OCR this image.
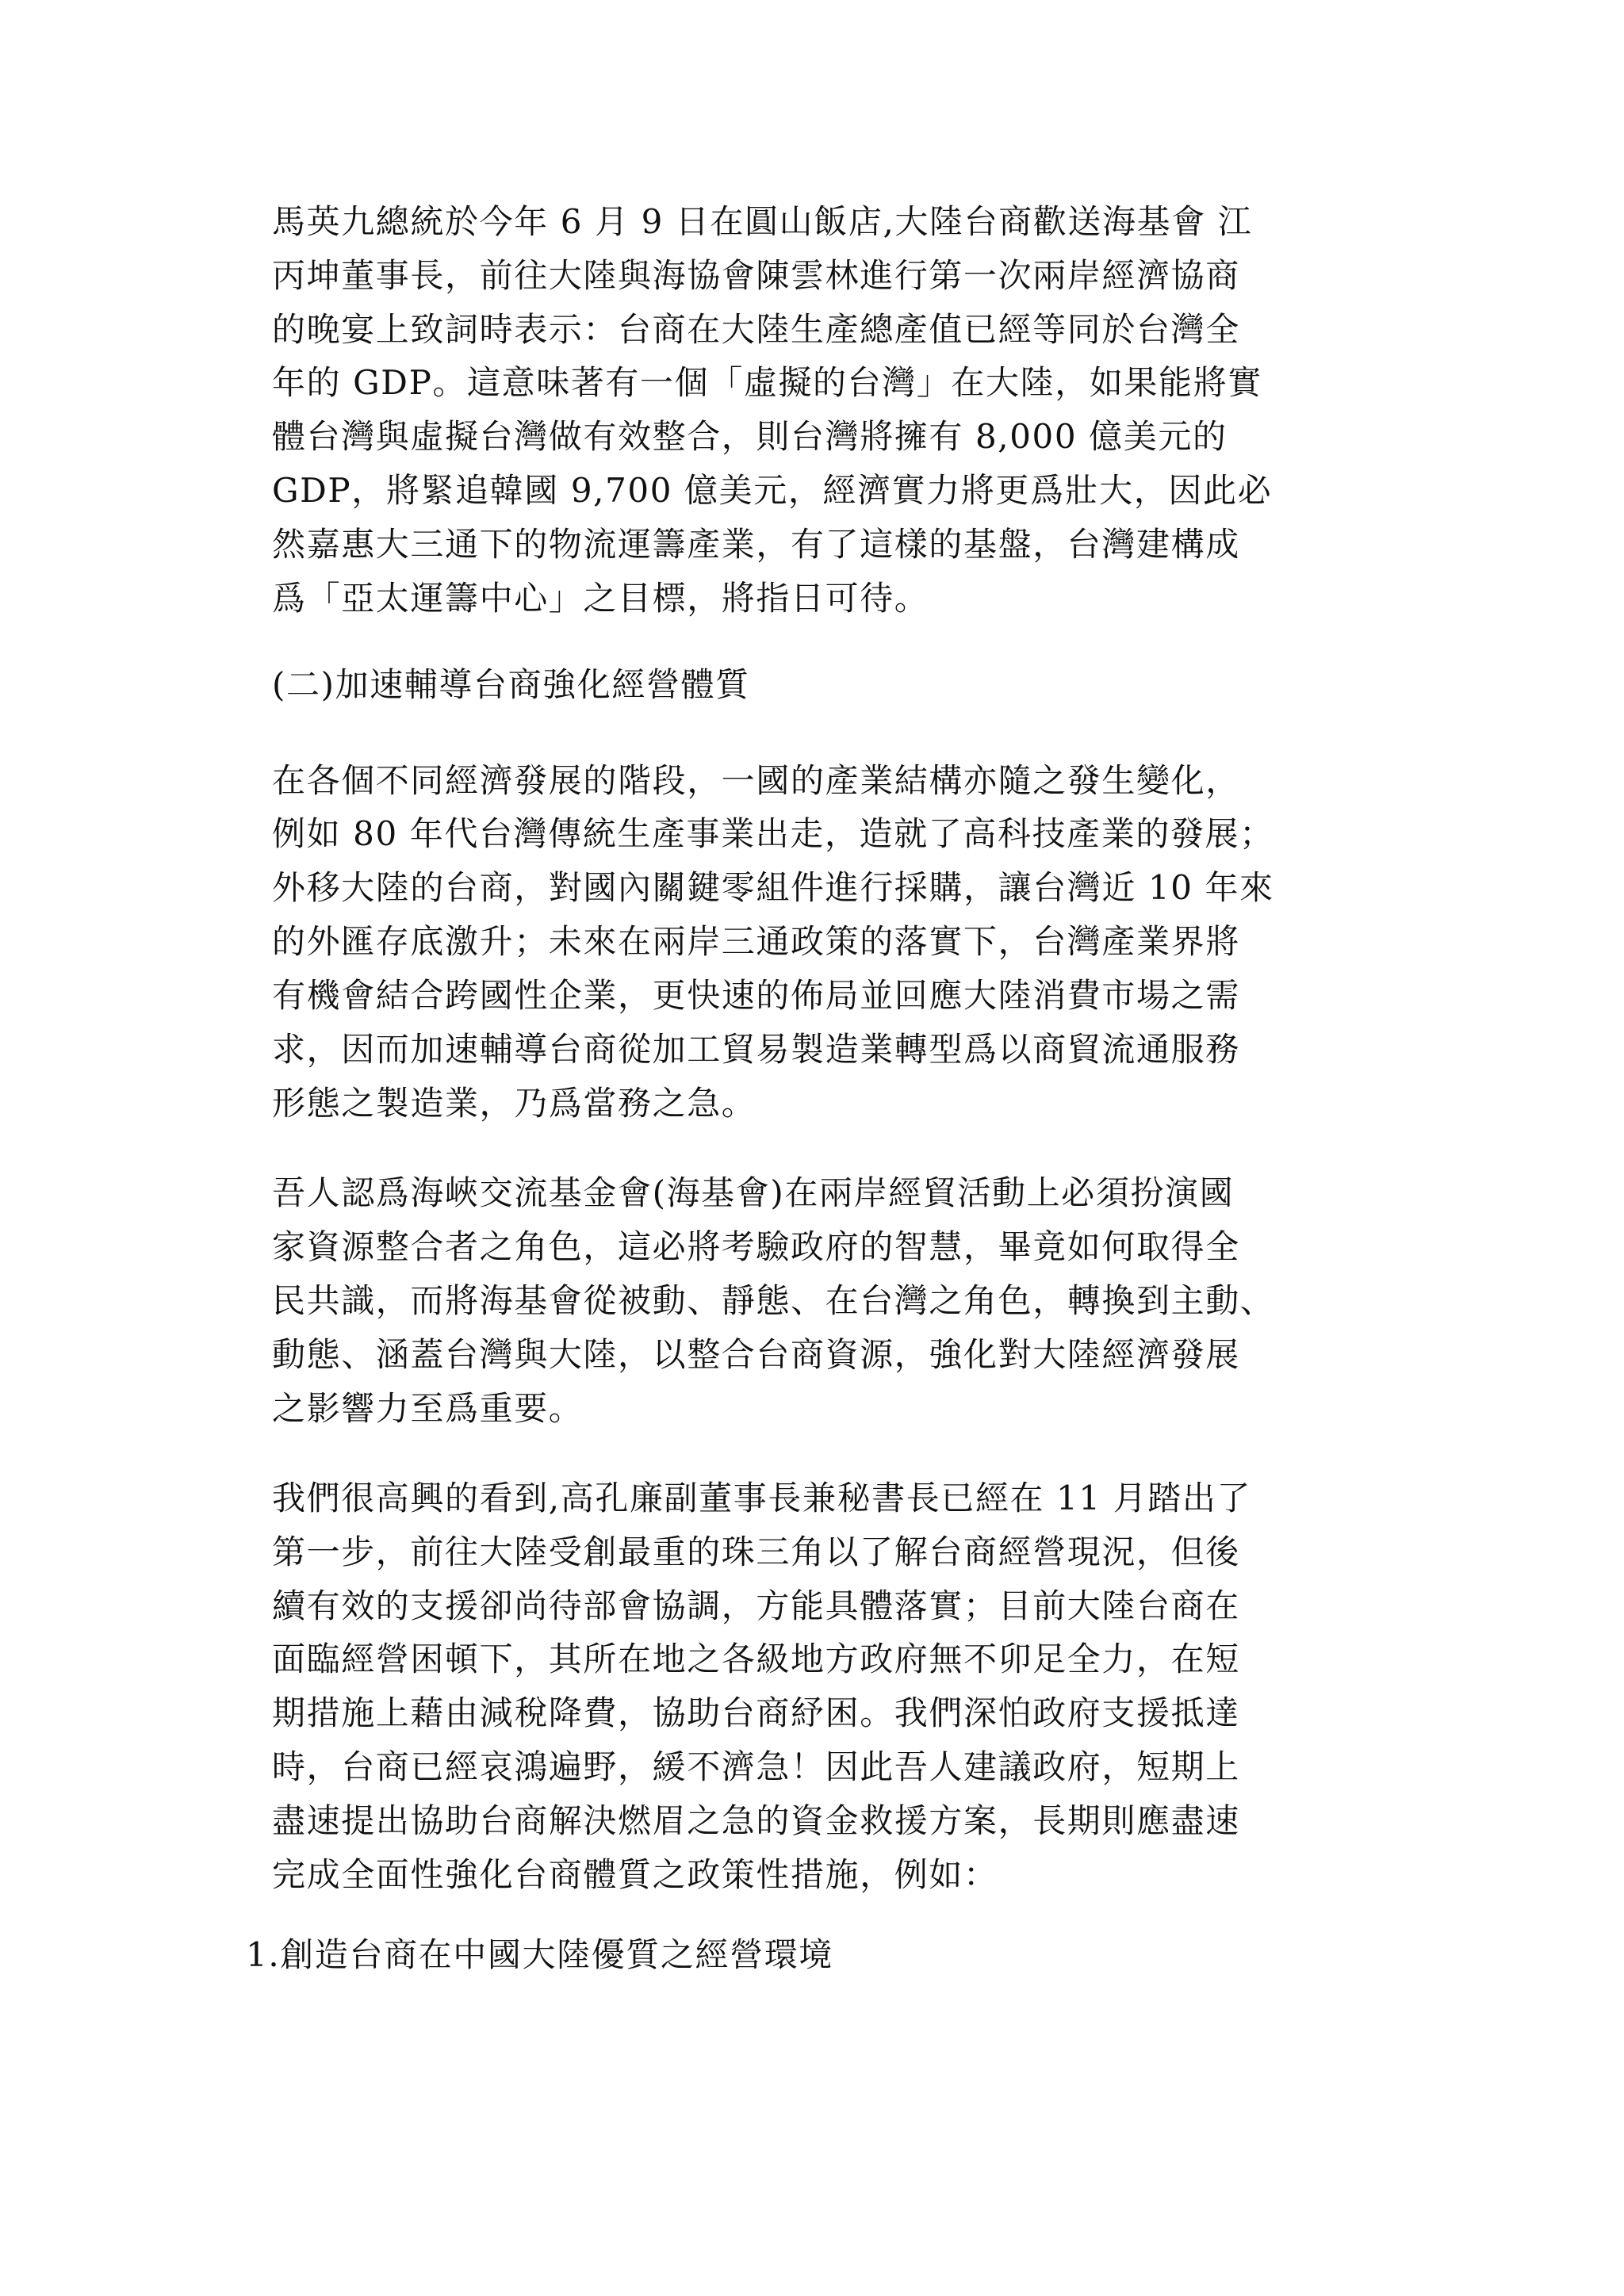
馬英九總統於今年 6 月 9 日在圓山飯店,大陸台商歡送海基會 江
丙坤董事長，前往大陸與海協會陳雲林進行第一次兩岸經濟協商
的晚宴上致詞時表示：台商在大陸生產總產值已經等同於台灣全
年的 GDP。這意味著有一個「虛擬的台灣」在大陸，如果能將實
體台灣與虛擬台灣做有效整合，則台灣將擁有 8,000 億美元的
GDP，將緊追韓國 9,700 億美元，經濟實力將更爲壯大，因此必
然嘉惠大三通下的物流運籌產業，有了這樣的基盤，台灣建構成
爲「亞太運籌中心」之目標，將指日可待。
(二)加速輔導台商強化經營體質
在各個不同經濟發展的階段，一國的產業結構亦隨之發生變化，
例如 80 年代台灣傳統生產事業出走，造就了高科技產業的發展；
外移大陸的台商，對國內關鍵零組件進行採購，讓台灣近 10 年來
的外匯存底激升；未來在兩岸三通政策的落實下，台灣產業界將
有機會結合跨國性企業，更快速的佈局並回應大陸消費市場之需
求，因而加速輔導台商從加工貿易製造業轉型爲以商貿流通服務
形態之製造業，乃爲當務之急。
吾人認爲海峽交流基金會(海基會)在兩岸經貿活動上必須扮演國
家資源整合者之角色，這必將考驗政府的智慧，畢竟如何取得全
民共識，而將海基會從被動、靜態、在台灣之角色，轉換到主動、
動態、涵蓋台灣與大陸，以整合台商資源，強化對大陸經濟發展
之影響力至爲重要。
我們很高興的看到,高孔廉副董事長兼秘書長已經在 11 月踏出了
第一步，前往大陸受創最重的珠三角以了解台商經營現況，但後
續有效的支援卻尚待部會協調，方能具體落實；目前大陸台商在
面臨經營困頓下，其所在地之各級地方政府無不卯足全力，在短
期措施上藉由減稅降費，協助台商紓困。我們深怕政府支援抵達
時，台商已經哀鴻遍野，緩不濟急！因此吾人建議政府，短期上
盡速提出協助台商解決燃眉之急的資金救援方案，長期則應盡速
完成全面性強化台商體質之政策性措施，例如：
1.創造台商在中國大陸優質之經營環境
